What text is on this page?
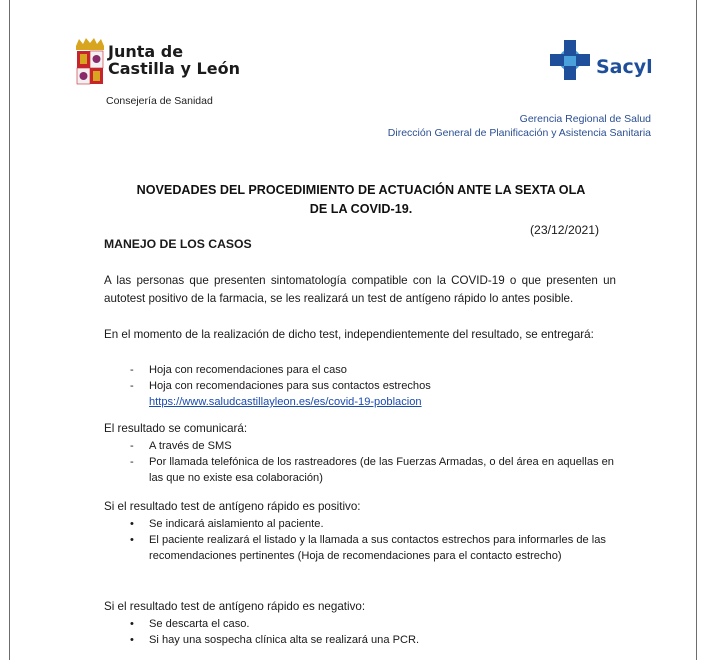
Junta de
Castilla y León
Consejería de Sanidad
Sacyl
Gerencia Regional de Salud
Dirección General de Planificación y Asistencia Sanitaria
NOVEDADES DEL PROCEDIMIENTO DE ACTUACIÓN ANTE LA SEXTA OLA
DE LA COVID-19.
(23/12/2021)
MANEJO DE LOS CASOS
A las personas que presenten sintomatología compatible con la COVID-19 o que presenten un autotest positivo de la farmacia, se les realizará un test de antígeno rápido lo antes posible.
En el momento de la realización de dicho test, independientemente del resultado, se entregará:
- Hoja con recomendaciones para el caso
- Hoja con recomendaciones para sus contactos estrechos
https://www.saludcastillayleon.es/es/covid-19-poblacion
El resultado se comunicará:
- A través de SMS
- Por llamada telefónica de los rastreadores (de las Fuerzas Armadas, o del área en aquellas en las que no existe esa colaboración)
Si el resultado test de antígeno rápido es positivo:
• Se indicará aislamiento al paciente.
• El paciente realizará el listado y la llamada a sus contactos estrechos para informarles de las recomendaciones pertinentes (Hoja de recomendaciones para el contacto estrecho)
Si el resultado test de antígeno rápido es negativo:
• Se descarta el caso.
• Si hay una sospecha clínica alta se realizará una PCR.
